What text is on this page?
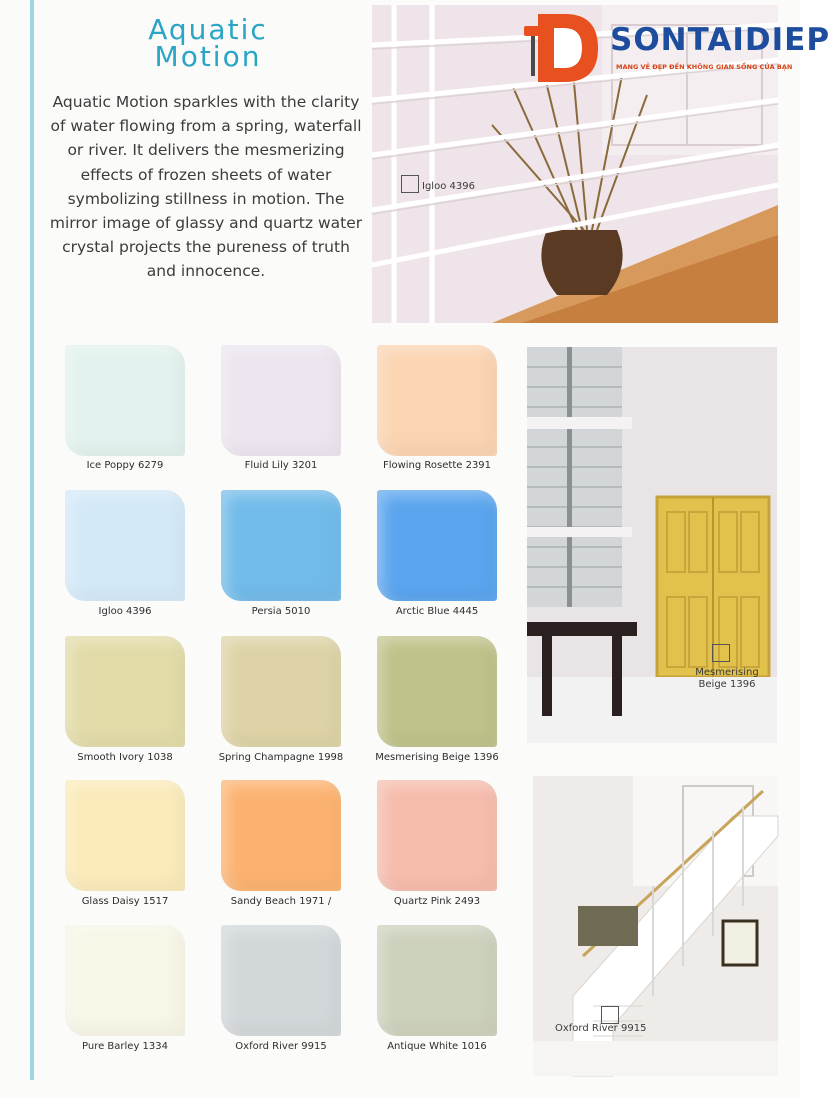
Aquatic
Motion
Aquatic Motion sparkles with the clarity of water flowing from a spring, waterfall or river. It delivers the mesmerizing effects of frozen sheets of water symbolizing stillness in motion. The mirror image of glassy and quartz water crystal projects the pureness of truth and innocence.
Igloo 4396
SONTAIDIEP
MANG VẺ ĐẸP ĐẾN KHÔNG GIAN SỐNG CỦA BẠN
Mesmerising
Beige 1396
Oxford River 9915
Ice Poppy 6279	Fluid Lily 3201	Flowing Rosette 2391
Igloo 4396	Persia 5010	Arctic Blue 4445
Smooth Ivory 1038	Spring Champagne 1998	Mesmerising Beige 1396
Glass Daisy 1517	Sandy Beach 1971 /	Quartz Pink 2493
Pure Barley 1334	Oxford River 9915	Antique White 1016
